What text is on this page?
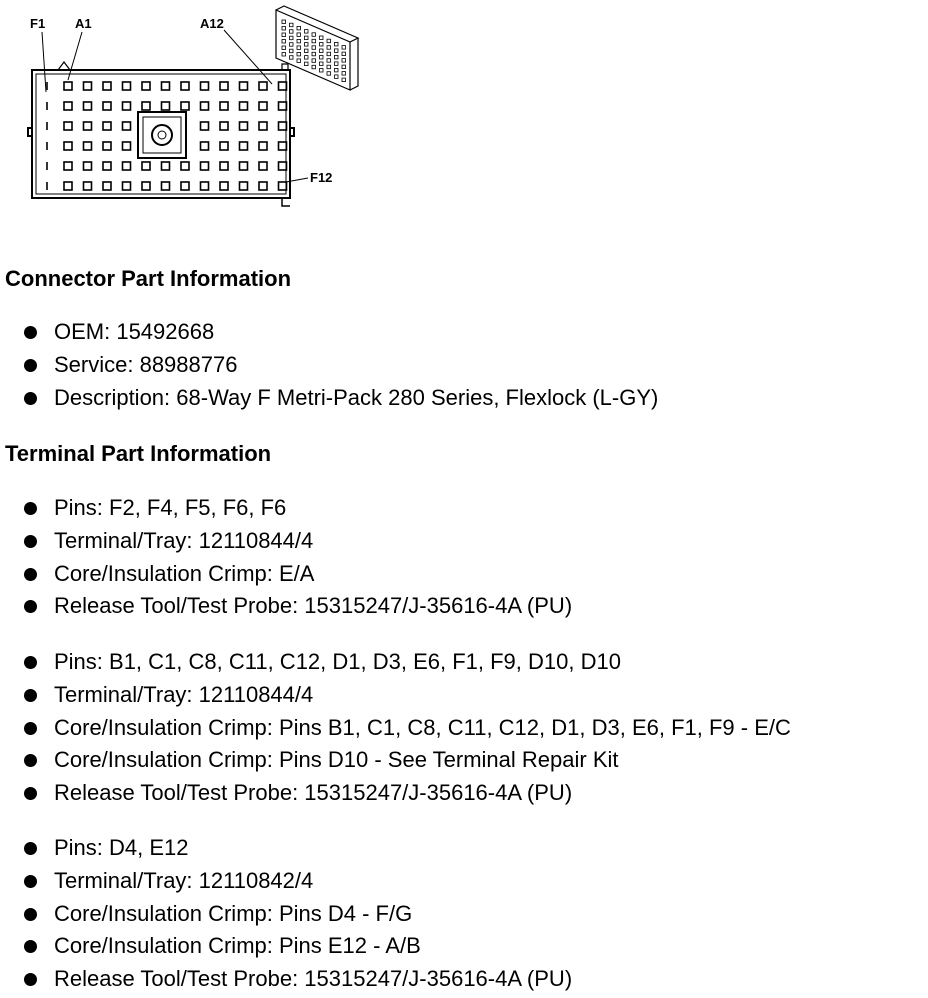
F1 A1	A12
F12
Connector Part Information
OEM: 15492668
Service: 88988776
Description: 68-Way F Metri-Pack 280 Series, Flexlock (L-GY)
Terminal Part Information
Pins: F2, F4, F5, F6, F6
Terminal/Tray: 12110844/4
Core/Insulation Crimp: E/A
Release Tool/Test Probe: 15315247/J-35616-4A (PU)
Pins: B1, C1, C8, C11, C12, D1, D3, E6, F1, F9, D10, D10
Terminal/Tray: 12110844/4
Core/Insulation Crimp: Pins B1, C1, C8, C11, C12, D1, D3, E6, F1, F9 - E/C
Core/Insulation Crimp: Pins D10 - See Terminal Repair Kit
Release Tool/Test Probe: 15315247/J-35616-4A (PU)
Pins: D4, E12
Terminal/Tray: 12110842/4
Core/Insulation Crimp: Pins D4 - F/G
Core/Insulation Crimp: Pins E12 - A/B
Release Tool/Test Probe: 15315247/J-35616-4A (PU)
